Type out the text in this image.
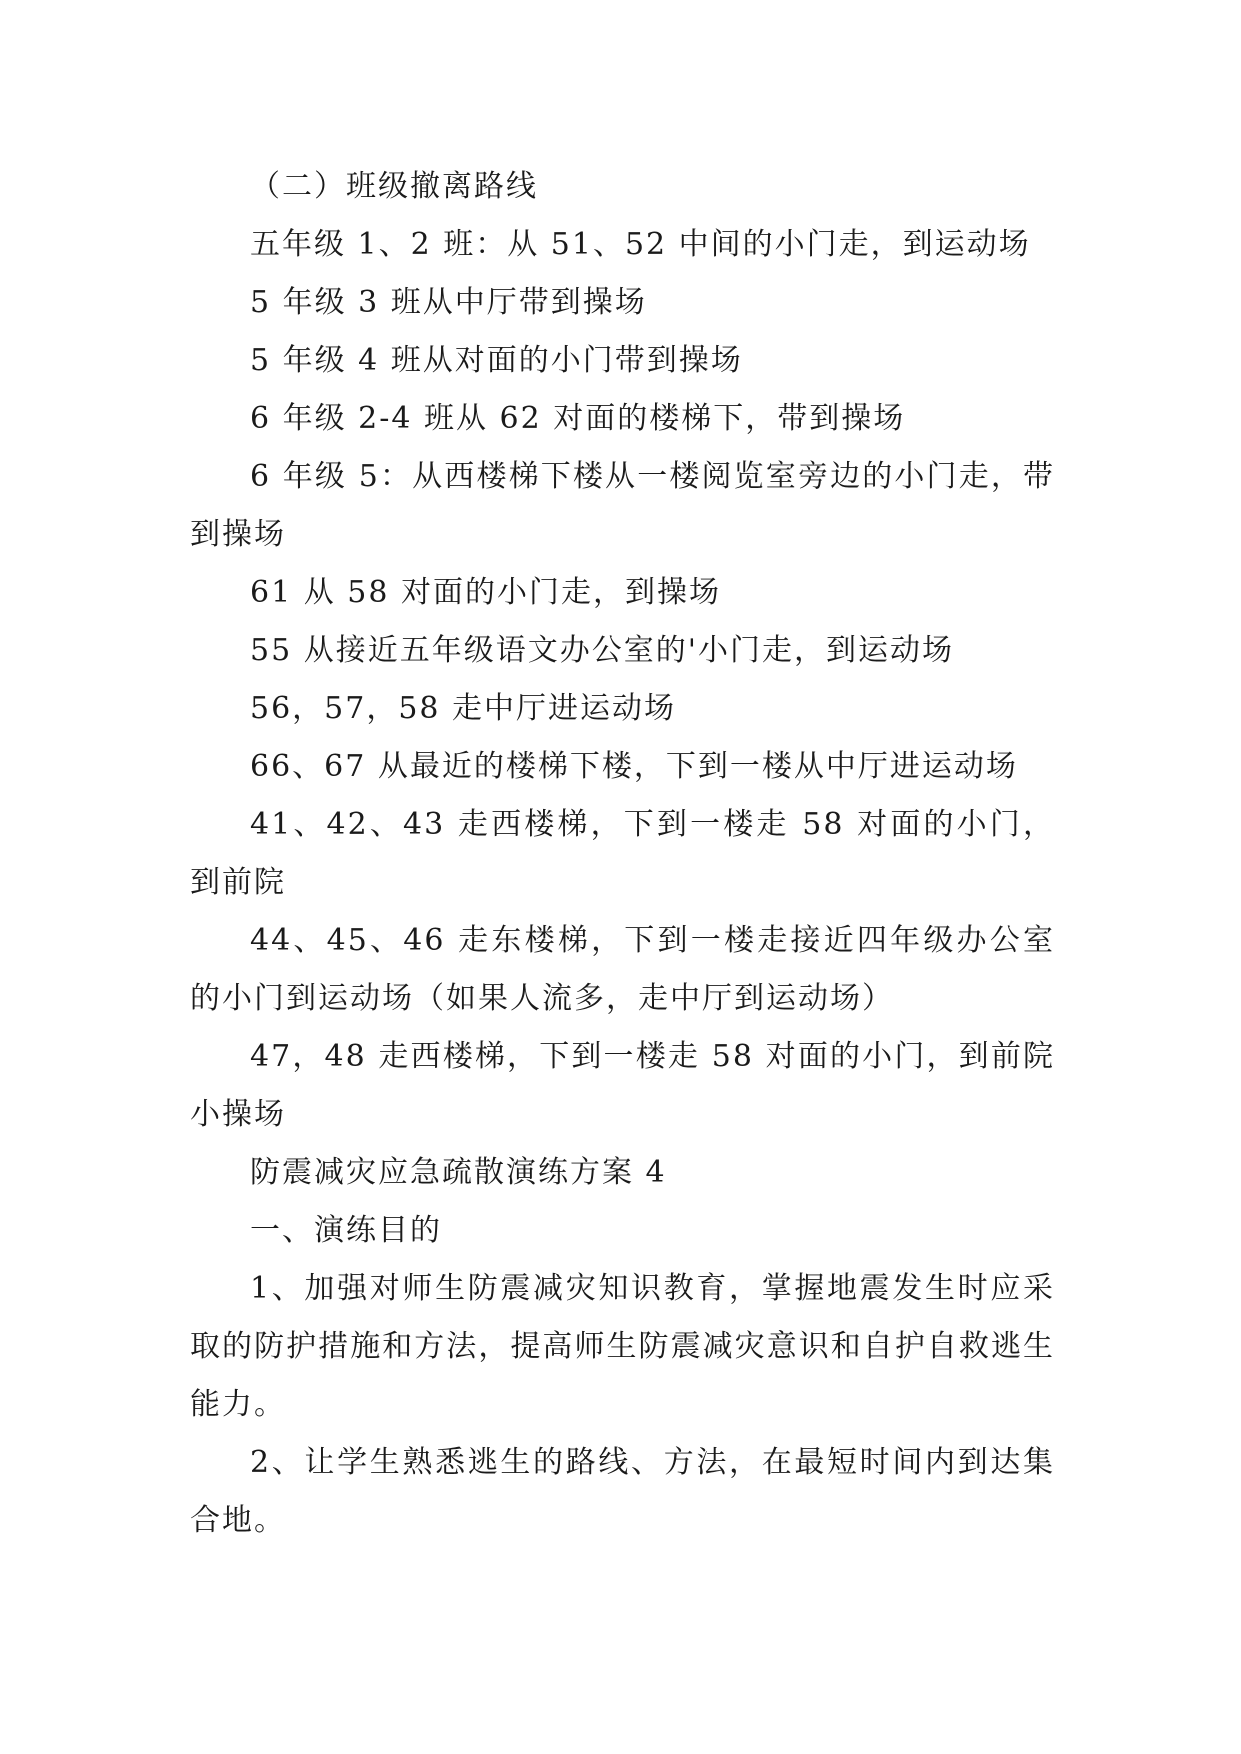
（二）班级撤离路线

五年级 1、2 班：从 51、52 中间的小门走，到运动场

5 年级 3 班从中厅带到操场

5 年级 4 班从对面的小门带到操场

6 年级 2-4 班从 62 对面的楼梯下，带到操场

6 年级 5：从西楼梯下楼从一楼阅览室旁边的小门走，带到操场

61 从 58 对面的小门走，到操场

55 从接近五年级语文办公室的'小门走，到运动场

56，57，58 走中厅进运动场

66、67 从最近的楼梯下楼，下到一楼从中厅进运动场

41、42、43 走西楼梯，下到一楼走 58 对面的小门，到前院

44、45、46 走东楼梯，下到一楼走接近四年级办公室的小门到运动场（如果人流多，走中厅到运动场）

47，48 走西楼梯，下到一楼走 58 对面的小门，到前院小操场

防震减灾应急疏散演练方案 4

一、演练目的

1、加强对师生防震减灾知识教育，掌握地震发生时应采取的防护措施和方法，提高师生防震减灾意识和自护自救逃生能力。

2、让学生熟悉逃生的路线、方法，在最短时间内到达集合地。
